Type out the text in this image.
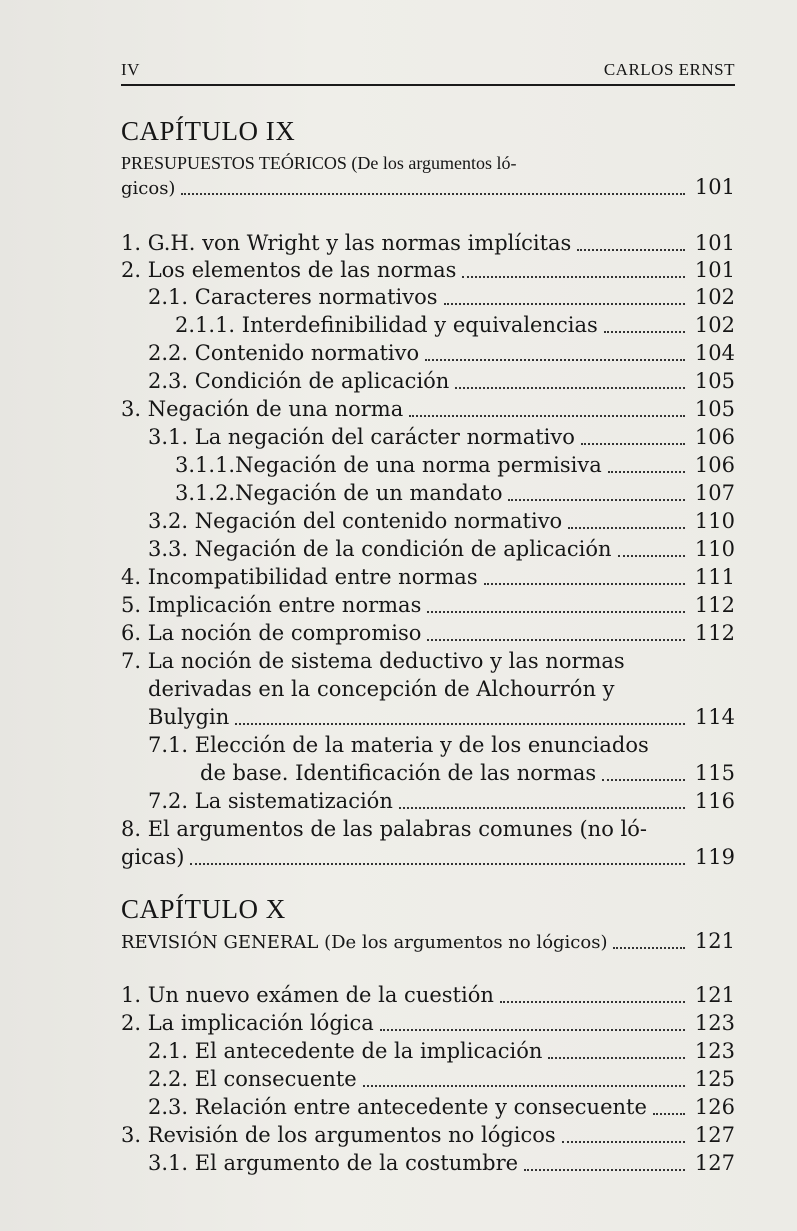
IV	CARLOS ERNST
CAPÍTULO IX
PRESUPUESTOS TEÓRICOS (De los argumentos ló-
gicos)	101
1. G.H. von Wright y las normas implícitas	101
2. Los elementos de las normas	101
2.1. Caracteres normativos	102
2.1.1. Interdefinibilidad y equivalencias	102
2.2. Contenido normativo	104
2.3. Condición de aplicación	105
3. Negación de una norma	105
3.1. La negación del carácter normativo	106
3.1.1.Negación de una norma permisiva	106
3.1.2.Negación de un mandato	107
3.2. Negación del contenido normativo	110
3.3. Negación de la condición de aplicación	110
4. Incompatibilidad entre normas	111
5. Implicación entre normas	112
6. La noción de compromiso	112
7. La noción de sistema deductivo y las normas
derivadas en la concepción de Alchourrón y
Bulygin	114
7.1. Elección de la materia y de los enunciados
de base. Identificación de las normas	115
7.2. La sistematización	116
8. El argumentos de las palabras comunes (no ló-
gicas)	119
CAPÍTULO X
REVISIÓN GENERAL (De los argumentos no lógicos)	121
1. Un nuevo exámen de la cuestión	121
2. La implicación lógica	123
2.1. El antecedente de la implicación	123
2.2. El consecuente	125
2.3. Relación entre antecedente y consecuente 126
3. Revisión de los argumentos no lógicos	127
3.1. El argumento de la costumbre	127
